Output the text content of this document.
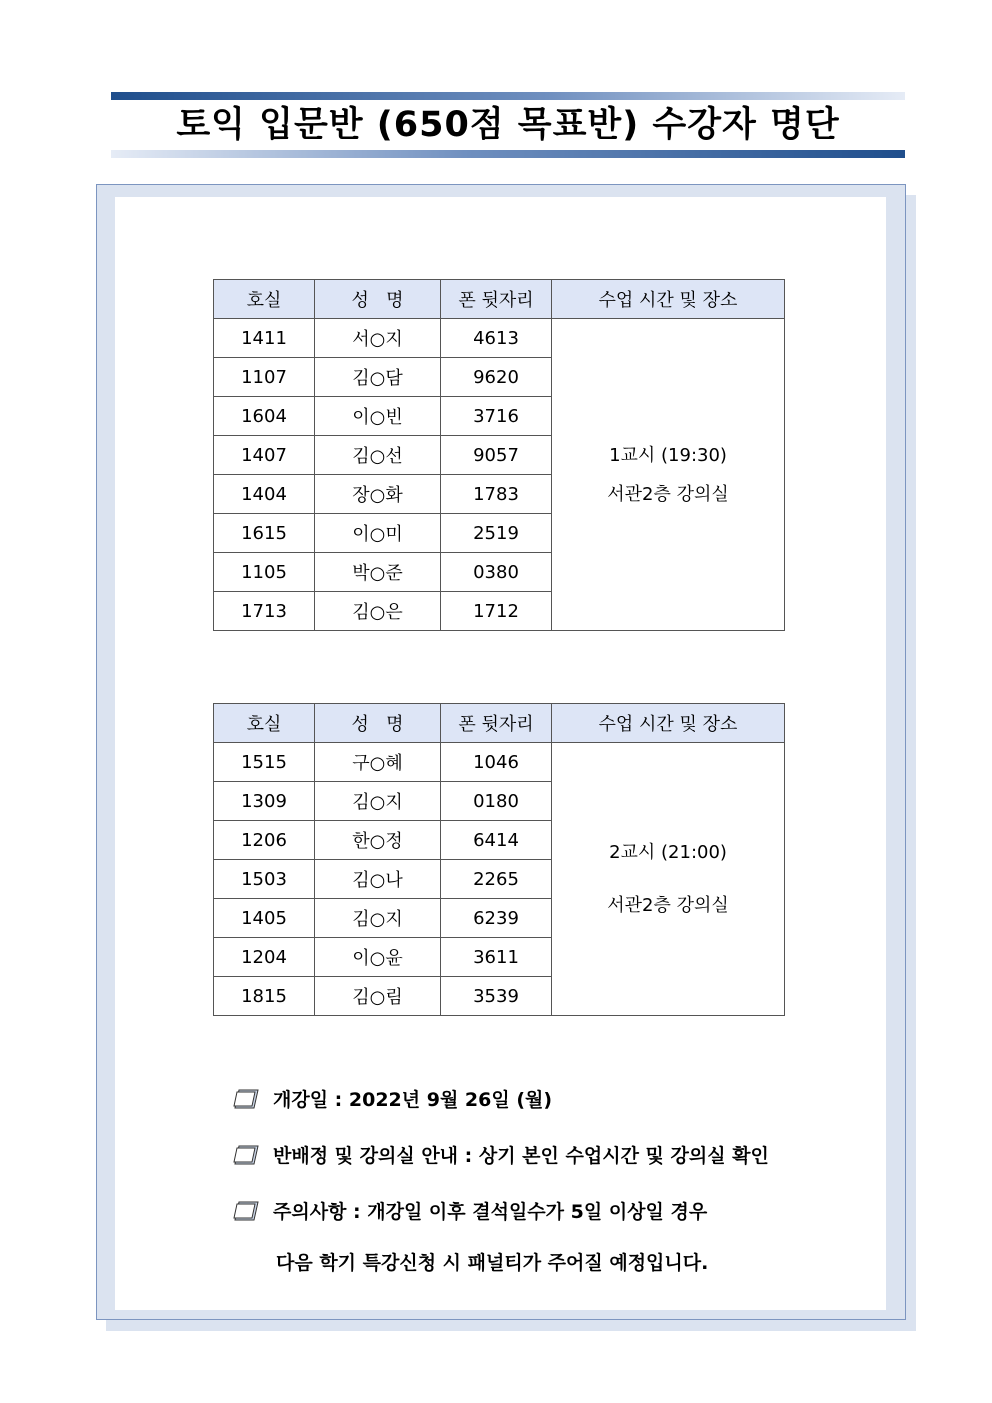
토익 입문반 (650점 목표반) 수강자 명단
호실	성   명	폰 뒷자리	수업 시간 및 장소
1411	서○지	4613	1교시 (19:30)
서관2층 강의실

1107	김○담	9620	
1604	이○빈	3716	
1407	김○선	9057	
1404	장○화	1783	
1615	이○미	2519	
1105	박○준	0380	
1713	김○은	1712	
호실	성   명	폰 뒷자리	수업 시간 및 장소
1515	구○혜	1046	2교시 (21:00)
서관2층 강의실

1309	김○지	0180	
1206	한○정	6414	
1503	김○나	2265	
1405	김○지	6239	
1204	이○윤	3611	
1815	김○림	3539	
개강일 : 2022년 9월 26일 (월)
반배정 및 강의실 안내 : 상기 본인 수업시간 및 강의실 확인
주의사항 : 개강일 이후 결석일수가 5일 이상일 경우
다음 학기 특강신청 시 패널티가 주어질 예정입니다.
